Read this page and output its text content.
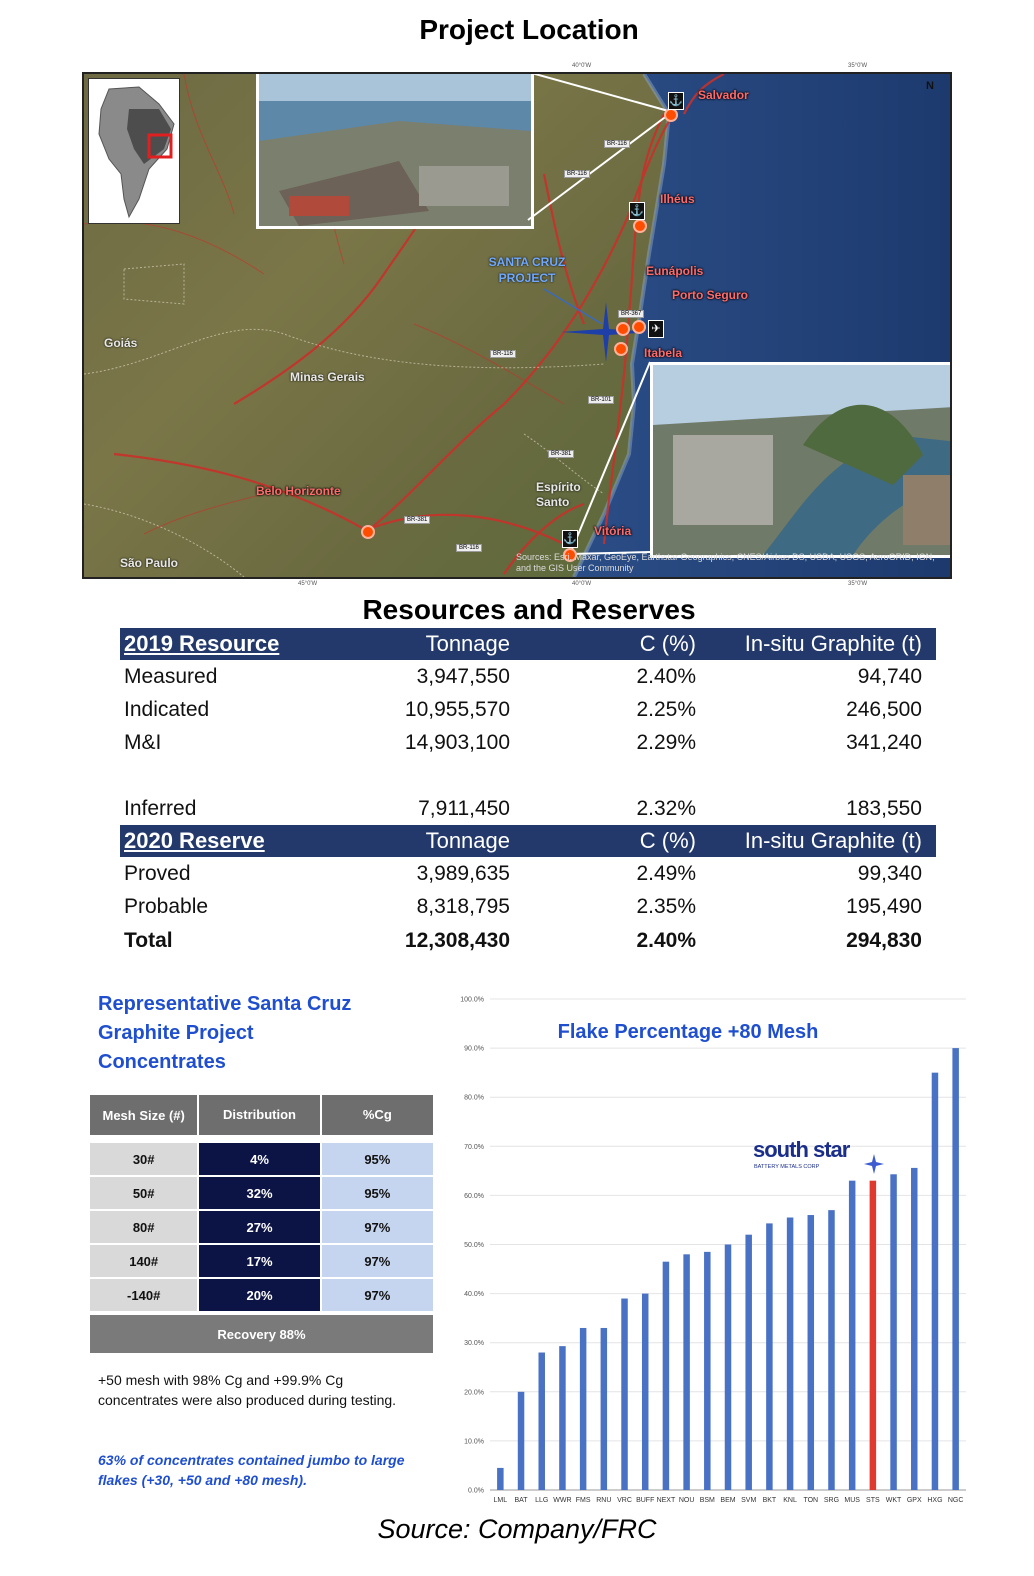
Project Location
⚓
⚓
✈
⚓
Salvador
Ilhéus
Eunápolis
Porto Seguro
Itabela
Belo Horizonte
Vitória
SANTA CRUZ PROJECT
Goiás
Minas Gerais
Espírito Santo
São Paulo
BR-116
BR-116
BR-116
BR-101
BR-381
BR-381
BR-116
BR-367
Sources: Esri, Maxar, GeoEye, Earthstar Geographics, CNES/Airbus DS, USDA, USGS, AeroGRID, IGN, and the GIS User Community
N
40°0'W	35°0'W
45°0'W	40°0'W	35°0'W
Resources and Reserves
2019 Resource	Tonnage	C (%)	In-situ Graphite (t)
Measured	3,947,550	2.40%	94,740
Indicated	10,955,570	2.25%	246,500
M&I	14,903,100	2.29%	341,240
Inferred	7,911,450	2.32%	183,550
2020 Reserve	Tonnage	C (%)	In-situ Graphite (t)
Proved	3,989,635	2.49%	99,340
Probable	8,318,795	2.35%	195,490
Total	12,308,430	2.40%	294,830
Representative Santa Cruz Graphite Project Concentrates
Mesh Size (#)	Distribution	%Cg
30#	4%	95%
50#	32%	95%
80#	27%	97%
140#	17%	97%
-140#	20%	97%
Recovery 88%
+50 mesh with 98% Cg and +99.9% Cg concentrates were also produced during testing.
63% of concentrates contained jumbo to large flakes (+30, +50 and +80 mesh).
Flake Percentage +80 Mesh
LML BAT LLG WWR FMS RNU VRC BUFF NEXT NOU BSM BEM SVM BKT KNL TON SRG MUS STS WKT GPX HXG NGC
0.0%
10.0%
20.0%
30.0%
40.0%
50.0%
60.0%
70.0%
80.0%
90.0%
100.0%
south star
BATTERY METALS CORP
Source: Company/FRC
